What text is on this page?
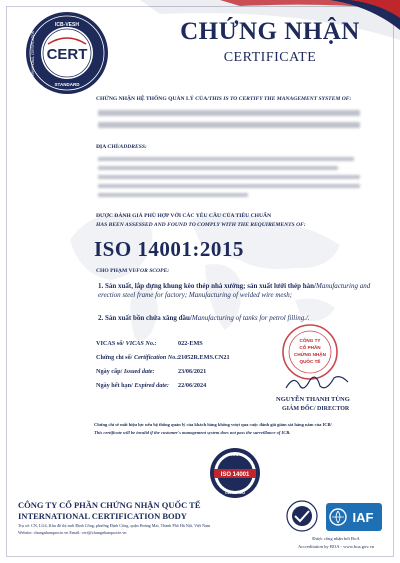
CHỨNG NHẬN
CERTIFICATE
ICB-VESH
STANDARD
INTERNATIONAL CERTIFICATION CERT
CHỨNG NHẬN HỆ THỐNG QUẢN LÝ CỦA/THIS IS TO CERTIFY THE MANAGEMENT SYSTEM OF:
ĐỊA CHỈ/ADDRESS:
ĐƯỢC ĐÁNH GIÁ PHÙ HỢP VỚI CÁC YÊU CẦU CỦA TIÊU CHUẨN
HAS BEEN ASSESSED AND FOUND TO COMPLY WITH THE REQUIREMENTS OF:
ISO 14001:2015
CHO PHẠM VI/FOR SCOPE:
1. Sản xuất, lắp dựng khung kèo thép nhà xưởng; sản xuất lưới thép hàn/Manufacturing and erection steel frame for factory; Manufacturing of welded wire mesh;
2. Sản xuất bồn chứa xăng dầu/Manufacturing of tanks for petrol filling./.
VICAS số/ VICAS No.:	022-EMS
Chứng chỉ số/ Certification No.: 21052R.EMS.CN21
Ngày cấp/ Issued date:	23/06/2021
Ngày hết hạn/ Expired date: 22/06/2024
CÔNG TY
CỔ PHẦN
CHỨNG NHẬN
QUỐC TẾ
NGUYỄN THANH TÙNG
GIÁM ĐỐC/ DIRECTOR
Chứng chỉ sẽ mất hiệu lực nếu hệ thống quản lý của khách hàng không vượt qua cuộc đánh giá giám sát hàng năm của ICB/
This certificate will be invalid if the customer's management system does not pass the surveillance of ICB.
ISO
ISO 14001
CERTIFIED
CÔNG TY CỔ PHẦN CHỨNG NHẬN QUỐC TẾ
INTERNATIONAL CERTIFICATION BODY
Trụ sở: CN, LG4, Khu đô thị mới Định Công, phường Định Công, quận Hoàng Mai, Thành Phố Hà Nội, Việt Nam
Website: chungnhanquocte.vn Email: cert@chungnhanquocte.vn
IAF
Được công nhận bởi BoA
Accreditation by BOA - www.boa.gov.vn
